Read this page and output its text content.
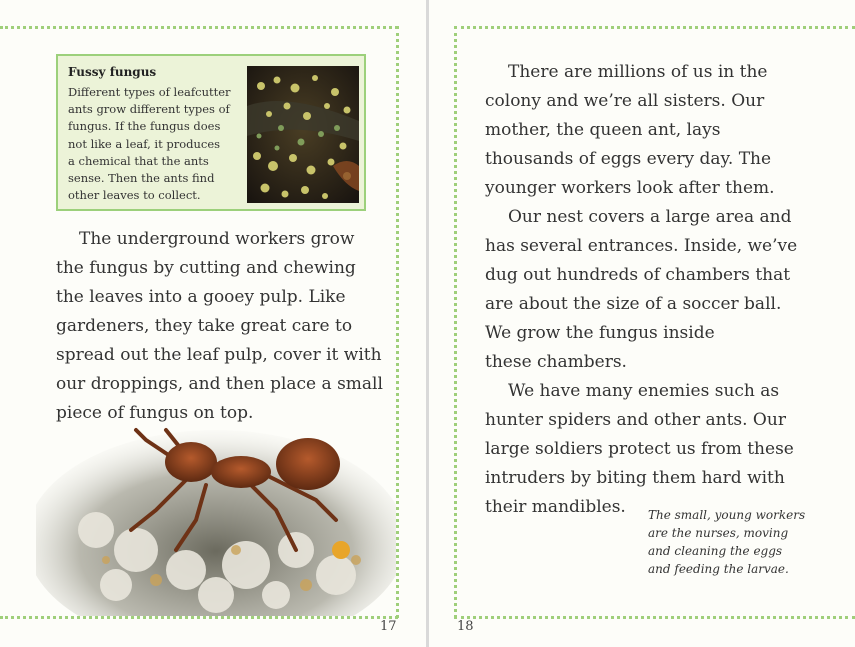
Fussy fungus
Different types of leafcutter
ants grow different types of
fungus. If the fungus does
not like a leaf, it produces
a chemical that the ants
sense. Then the ants find
other leaves to collect.

The underground workers grow
the fungus by cutting and chewing
the leaves into a gooey pulp. Like
gardeners, they take great care to
spread out the leaf pulp, cover it with
our droppings, and then place a small
piece of fungus on top.

17

There are millions of us in the
colony and we’re all sisters. Our
mother, the queen ant, lays
thousands of eggs every day. The
younger workers look after them.

Our nest covers a large area and
has several entrances. Inside, we’ve
dug out hundreds of chambers that
are about the size of a soccer ball.
We grow the fungus inside
these chambers.

We have many enemies such as
hunter spiders and other ants. Our
large soldiers protect us from these
intruders by biting them hard with
their mandibles.	The small, young workers
are the nurses, moving
and cleaning the eggs
and feeding the larvae.
18
